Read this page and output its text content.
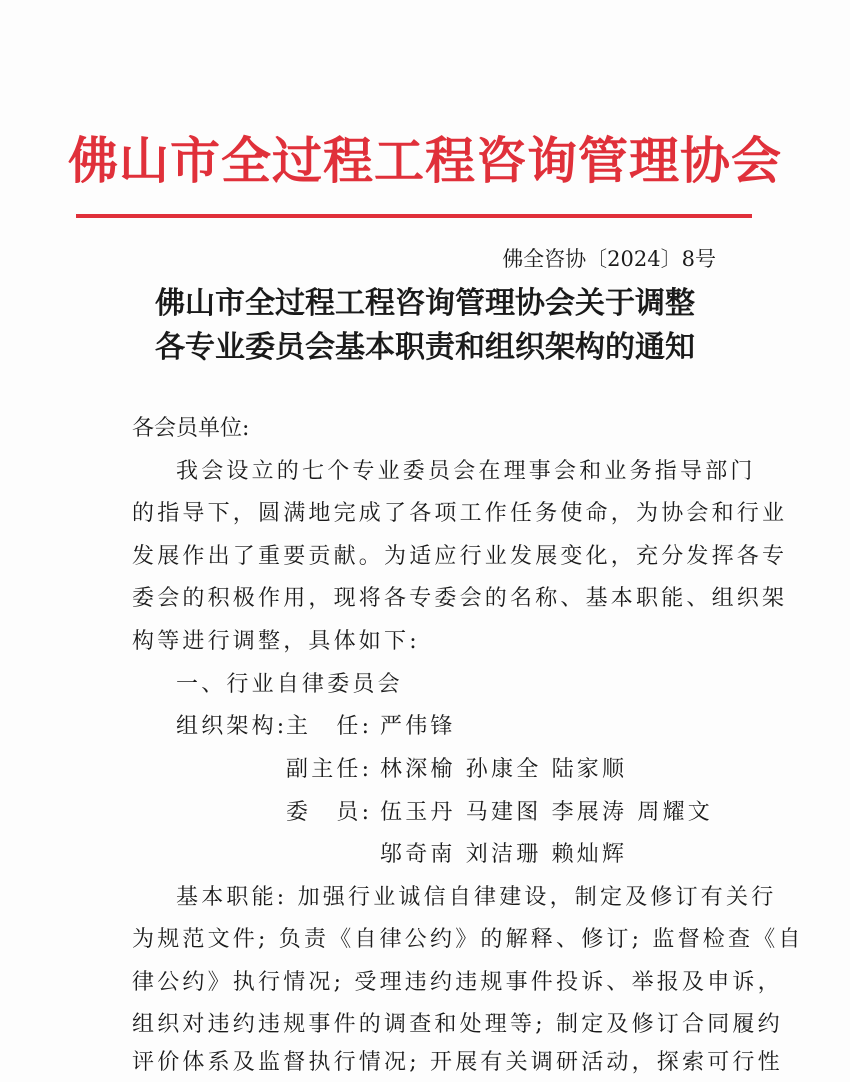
佛山市全过程工程咨询管理协会
佛全咨协〔2024〕8号
佛山市全过程工程咨询管理协会关于调整
各专业委员会基本职责和组织架构的通知
各会员单位:
我会设立的七个专业委员会在理事会和业务指导部门
的指导下，圆满地完成了各项工作任务使命，为协会和行业
发展作出了重要贡献。为适应行业发展变化，充分发挥各专
委会的积极作用，现将各专委会的名称、基本职能、组织架
构等进行调整，具体如下:
一、行业自律委员会
组织架构:
主　任: 严伟锋
副主任: 林深榆 孙康全 陆家顺
委　员: 伍玉丹 马建图 李展涛 周耀文
邬奇南 刘洁珊 赖灿辉
基本职能: 加强行业诚信自律建设，制定及修订有关行
为规范文件; 负责《自律公约》的解释、修订; 监督检查《自
律公约》执行情况; 受理违约违规事件投诉、举报及申诉，
组织对违约违规事件的调查和处理等; 制定及修订合同履约
评价体系及监督执行情况; 开展有关调研活动，探索可行性
